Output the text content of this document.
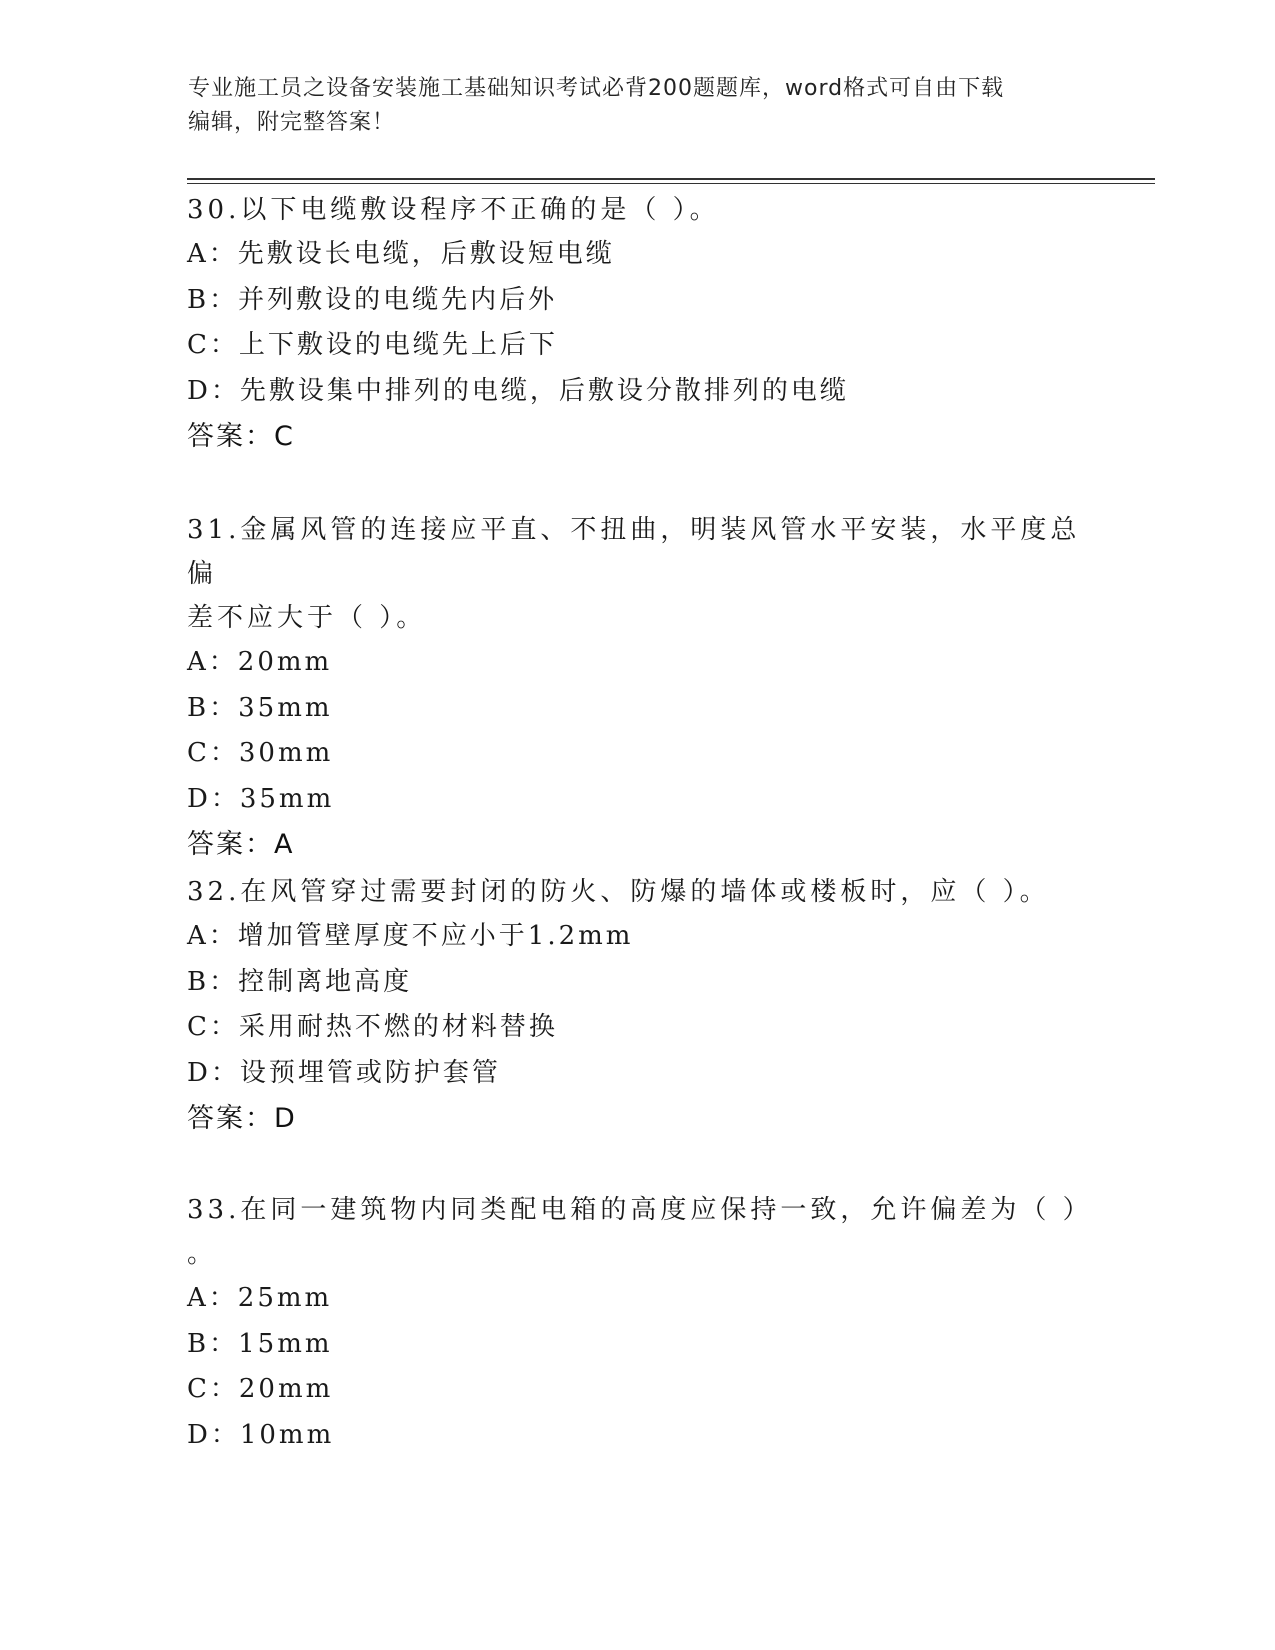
专业施工员之设备安装施工基础知识考试必背200题题库，word格式可自由下载
编辑，附完整答案！

30.以下电缆敷设程序不正确的是（ ）。

A：先敷设长电缆，后敷设短电缆

B：并列敷设的电缆先内后外

C：上下敷设的电缆先上后下

D：先敷设集中排列的电缆，后敷设分散排列的电缆

答案：C

31.金属风管的连接应平直、不扭曲，明装风管水平安装，水平度总偏

差不应大于（ ）。

A：20mm

B：35mm

C：30mm

D：35mm

答案：A

32.在风管穿过需要封闭的防火、防爆的墙体或楼板时，应（ ）。

A：增加管壁厚度不应小于1.2mm

B：控制离地高度

C：采用耐热不燃的材料替换

D：设预埋管或防护套管

答案：D

33.在同一建筑物内同类配电箱的高度应保持一致，允许偏差为（ ）

。

A：25mm

B：15mm

C：20mm

D：10mm
